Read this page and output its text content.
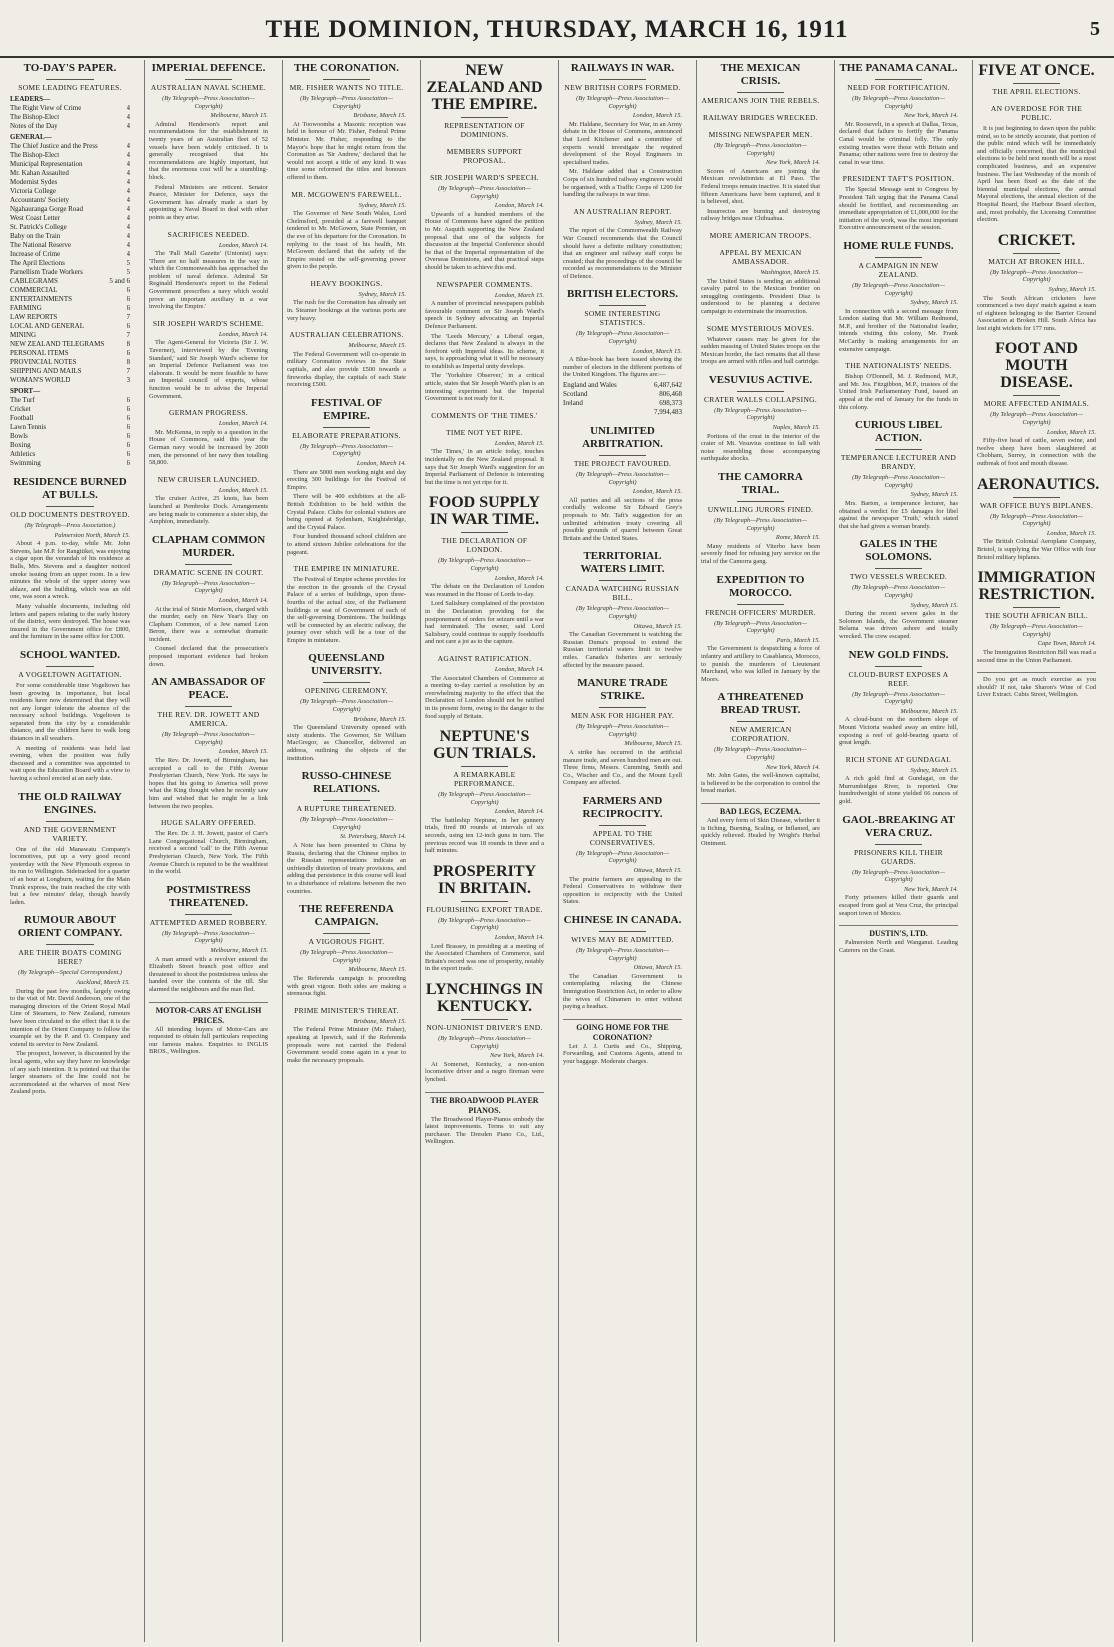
THE DOMINION, THURSDAY, MARCH 16, 1911	5
TO-DAY'S PAPER.
SOME LEADING FEATURES.
LEADERS—
The Right View of Crime	4
The Bishop-Elect	4
Notes of the Day	4
GENERAL—
The Chief Justice and the Press	4
The Bishop-Elect	4
Municipal Representation	4
Mr. Kahan Assaulted	4
Modernist Sydes	4
Victoria College	4
Accountants' Society	4
Ngahauranga Gorge Road	4
West Coast Letter	4
St. Patrick's College	4
Baby on the Train	4
The National Reserve	4
Increase of Crime	4
The April Elections	5
Parnellism Trade Workers	5
CABLEGRAMS	5 and 6
COMMERCIAL	6
ENTERTAINMENTS	6
FARMING	6
LAW REPORTS	7
LOCAL AND GENERAL	6
MINING	7
NEW ZEALAND TELEGRAMS	8
PERSONAL ITEMS	6
PROVINCIAL NOTES	8
SHIPPING AND MAILS	7
WOMAN'S WORLD	3
SPORT—
The Turf	6
Cricket	6
Football	6
Lawn Tennis	6
Bowls	6
Boxing	6
Athletics	6
Swimming	6
RESIDENCE BURNED AT BULLS.
OLD DOCUMENTS DESTROYED.

(By Telegraph—Press Association.)

Palmerston North, March 15.

About 4 p.m. to-day, while Mr. John Stevens, late M.P. for Rangitikei, was enjoying a cigar upon the verandah of his residence at Bulls, Mrs. Stevens and a daughter noticed smoke issuing from an upper room. In a few minutes the whole of the upper storey was ablaze, and the building, which was an old one, was soon a wreck.

Many valuable documents, including old letters and papers relating to the early history of the district, were destroyed. The house was insured in the Government office for £800, and the furniture in the same office for £300.

SCHOOL WANTED.
A VOGELTOWN AGITATION.

For some considerable time Vogeltown has been growing in importance, but local residents have now determined that they will not any longer tolerate the absence of the necessary school buildings. Vogeltown is separated from the city by a considerable distance, and the children have to walk long distances in all weathers.

A meeting of residents was held last evening, when the position was fully discussed and a committee was appointed to wait upon the Education Board with a view to having a school erected at an early date.

THE OLD RAILWAY ENGINES.
AND THE GOVERNMENT VARIETY.

One of the old Manawatu Company's locomotives, put up a very good record yesterday with the New Plymouth express in its run to Wellington. Sidetracked for a quarter of an hour at Longburn, waiting for the Main Trunk express, the train reached the city with but a few minutes' delay, though heavily laden.

RUMOUR ABOUT ORIENT COMPANY.
ARE THEIR BOATS COMING HERE?

(By Telegraph—Special Correspondent.)

Auckland, March 15.

During the past few months, largely owing to the visit of Mr. David Anderson, one of the managing directors of the Orient Royal Mail Line of Steamers, to New Zealand, rumours have been circulated to the effect that it is the intention of the Orient Company to follow the example set by the P. and O. Company and extend its service to New Zealand.

The prospect, however, is discounted by the local agents, who say they have no knowledge of any such intention. It is pointed out that the larger steamers of the line could not be accommodated at the wharves of most New Zealand ports.

IMPERIAL DEFENCE.
AUSTRALIAN NAVAL SCHEME.

(By Telegraph—Press Association—Copyright)

Melbourne, March 15.

Admiral Henderson's report and recommendations for the establishment in twenty years of an Australian fleet of 52 vessels have been widely criticised. It is generally recognised that his recommendations are highly important, but that the enormous cost will be a stumbling-block.

Federal Ministers are reticent. Senator Pearce, Minister for Defence, says the Government has already made a start by appointing a Naval Board to deal with other points as they arise.

SACRIFICES NEEDED.

London, March 14.

The 'Pall Mall Gazette' (Unionist) says: 'There are no half measures in the way in which the Commonwealth has approached the problem of naval defence. Admiral Sir Reginald Henderson's report to the Federal Government prescribes a navy which would prove an important auxiliary in a war involving the Empire.'

SIR JOSEPH WARD'S SCHEME.

London, March 14.

The Agent-General for Victoria (Sir J. W. Taverner), interviewed by the 'Evening Standard,' said Sir Joseph Ward's scheme for an Imperial Defence Parliament was too elaborate. It would be more feasible to have an Imperial council of experts, whose function would be to advise the Imperial Government.

GERMAN PROGRESS.

London, March 14.

Mr. McKenna, in reply to a question in the House of Commons, said this year the German navy would be increased by 2000 men, the personnel of her navy then totalling 58,800.

NEW CRUISER LAUNCHED.

London, March 15.

The cruiser Active, 25 knots, has been launched at Pembroke Dock. Arrangements are being made to commence a sister ship, the Amphion, immediately.

CLAPHAM COMMON MURDER.
DRAMATIC SCENE IN COURT.

(By Telegraph—Press Association—Copyright)

London, March 14.

At the trial of Stinie Morrison, charged with the murder, early on New Year's Day on Clapham Common, of a Jew named Leon Beron, there was a somewhat dramatic incident.

Counsel declared that the prosecution's proposed important evidence had broken down.

AN AMBASSADOR OF PEACE.
THE REV. DR. JOWETT AND AMERICA.

(By Telegraph—Press Association—Copyright)

London, March 15.

The Rev. Dr. Jowett, of Birmingham, has accepted a call to the Fifth Avenue Presbyterian Church, New York. He says he hopes that his going to America will prove what the King thought when he recently saw him and wished that he might be a link between the two peoples.

HUGE SALARY OFFERED.

The Rev. Dr. J. H. Jowett, pastor of Carr's Lane Congregational Church, Birmingham, received a second 'call' to the Fifth Avenue Presbyterian Church, New York. The Fifth Avenue Church is reputed to be the wealthiest in the world.

POSTMISTRESS THREATENED.
ATTEMPTED ARMED ROBBERY.

(By Telegraph—Press Association—Copyright)

Melbourne, March 15.

A man armed with a revolver entered the Elizabeth Street branch post office and threatened to shoot the postmistress unless she handed over the contents of the till. She alarmed the neighbours and the man fled.

MOTOR-CARS AT ENGLISH PRICES.

All intending buyers of Motor-Cars are requested to obtain full particulars respecting our famous makes. Enquiries to INGLIS BROS., Wellington.

THE CORONATION.
MR. FISHER WANTS NO TITLE.

(By Telegraph—Press Association—Copyright)

Brisbane, March 15.

At Toowoomba a Masonic reception was held in honour of Mr. Fisher, Federal Prime Minister. Mr. Fisher, responding to the Mayor's hope that he might return from the Coronation as 'Sir Andrew,' declared that he would not accept a title of any kind. It was time some reformed the titles and honours offered to them.

MR. MCGOWEN'S FAREWELL.

Sydney, March 15.

The Governor of New South Wales, Lord Chelmsford, presided at a farewell banquet tendered to Mr. McGowen, State Premier, on the eve of his departure for the Coronation. In replying to the toast of his health, Mr. McGowen declared that the safety of the Empire rested on the self-governing power given to the people.

HEAVY BOOKINGS.

Sydney, March 15.

The rush for the Coronation has already set in. Steamer bookings at the various ports are very heavy.

AUSTRALIAN CELEBRATIONS.

Melbourne, March 15.

The Federal Government will co-operate in military Coronation reviews in the State capitals, and also provide £500 towards a fireworks display, the capitals of each State receiving £500.

FESTIVAL OF EMPIRE.
ELABORATE PREPARATIONS.

(By Telegraph—Press Association—Copyright)

London, March 14.

There are 5000 men working night and day erecting 300 buildings for the Festival of Empire.

There will be 400 exhibitors at the all-British Exhibition to be held within the Crystal Palace. Clubs for colonial visitors are being opened at Sydenham, Knightsbridge, and the Crystal Palace.

Four hundred thousand school children are to attend sixteen Jubilee celebrations for the pageant.

THE EMPIRE IN MINIATURE.

The Festival of Empire scheme provides for the erection in the grounds of the Crystal Palace of a series of buildings, upon three-fourths of the actual size, of the Parliament buildings or seat of Government of each of the self-governing Dominions. The buildings will be connected by an electric railway, the journey over which will be a tour of the Empire in miniature.

QUEENSLAND UNIVERSITY.
OPENING CEREMONY.

(By Telegraph—Press Association—Copyright)

Brisbane, March 15.

The Queensland University opened with sixty students. The Governor, Sir William MacGregor, as Chancellor, delivered an address, outlining the objects of the institution.

RUSSO-CHINESE RELATIONS.
A RUPTURE THREATENED.

(By Telegraph—Press Association—Copyright)

St. Petersburg, March 14.

A Note has been presented to China by Russia, declaring that the Chinese replies to the Russian representations indicate an unfriendly distortion of treaty provisions, and adding that persistence in this course will lead to a disturbance of relations between the two countries.

THE REFERENDA CAMPAIGN.
A VIGOROUS FIGHT.

(By Telegraph—Press Association—Copyright)

Melbourne, March 15.

The Referenda campaign is proceeding with great vigour. Both sides are making a strenuous fight.

PRIME MINISTER'S THREAT.

Brisbane, March 15.

The Federal Prime Minister (Mr. Fisher), speaking at Ipswich, said if the Referenda proposals were not carried the Federal Government would come again in a year to make the necessary proposals.

NEW ZEALAND AND THE EMPIRE.
REPRESENTATION OF DOMINIONS.
MEMBERS SUPPORT PROPOSAL.
SIR JOSEPH WARD'S SPEECH.

(By Telegraph—Press Association—Copyright)

London, March 14.

Upwards of a hundred members of the House of Commons have signed the petition to Mr. Asquith supporting the New Zealand proposal that one of the subjects for discussion at the Imperial Conference should be that of the Imperial representation of the Overseas Dominions, and that practical steps should be taken to achieve this end.

NEWSPAPER COMMENTS.

London, March 15.

A number of provincial newspapers publish favourable comment on Sir Joseph Ward's speech in Sydney advocating an Imperial Defence Parliament.

The 'Leeds Mercury,' a Liberal organ, declares that New Zealand is always in the forefront with Imperial ideas. Its scheme, it says, is approaching what it will be necessary to establish as Imperial unity develops.

The 'Yorkshire Observer,' in a critical article, states that Sir Joseph Ward's plan is an interesting experiment but the Imperial Government is not ready for it.

COMMENTS OF 'THE TIMES.'
TIME NOT YET RIPE.

London, March 15.

'The Times,' in an article today, touches incidentally on the New Zealand proposal. It says that Sir Joseph Ward's suggestion for an Imperial Parliament of Defence is interesting but the time is not yet ripe for it.

FOOD SUPPLY IN WAR TIME.
THE DECLARATION OF LONDON.

(By Telegraph—Press Association—Copyright)

London, March 14.

The debate on the Declaration of London was resumed in the House of Lords to-day.

Lord Salisbury complained of the provision in the Declaration providing for the postponement of orders for seizure until a war had terminated. The owner, said Lord Salisbury, could continue to supply foodstuffs and not care a jot as to the capture.

AGAINST RATIFICATION.

London, March 14.

The Associated Chambers of Commerce at a meeting to-day carried a resolution by an overwhelming majority to the effect that the Declaration of London should not be ratified in its present form, owing to the danger to the food supply of Britain.

NEPTUNE'S GUN TRIALS.
A REMARKABLE PERFORMANCE.

(By Telegraph—Press Association—Copyright)

London, March 14.

The battleship Neptune, in her gunnery trials, fired 80 rounds at intervals of six seconds, using ten 12-inch guns in turn. The previous record was 18 rounds in three and a half minutes.

PROSPERITY IN BRITAIN.
FLOURISHING EXPORT TRADE.

(By Telegraph—Press Association—Copyright)

London, March 14.

Lord Brassey, in presiding at a meeting of the Associated Chambers of Commerce, said Britain's record was one of prosperity, notably in the export trade.

LYNCHINGS IN KENTUCKY.
NON-UNIONIST DRIVER'S END.

(By Telegraph—Press Association—Copyright)

New York, March 14.

At Somerset, Kentucky, a non-union locomotive driver and a negro fireman were lynched.

THE BROADWOOD PLAYER PIANOS.

The Broadwood Player-Pianos embody the latest improvements. Terms to suit any purchaser. The Dresden Piano Co., Ltd., Wellington.

RAILWAYS IN WAR.
NEW BRITISH CORPS FORMED.

(By Telegraph—Press Association—Copyright)

London, March 15.

Mr. Haldane, Secretary for War, in an Army debate in the House of Commons, announced that Lord Kitchener and a committee of experts would investigate the required development of the Royal Engineers in specialised trades.

Mr. Haldane added that a Construction Corps of six hundred railway engineers would be organised, with a Traffic Corps of 1200 for handling the railways in war time.

AN AUSTRALIAN REPORT.

Sydney, March 15.

The report of the Commonwealth Railway War Council recommends that the Council should have a definite military constitution; that an engineer and railway staff corps be created; that the proceedings of the council be recorded as recommendations to the Minister of Defence.

BRITISH ELECTORS.
SOME INTERESTING STATISTICS.

(By Telegraph—Press Association—Copyright)

London, March 15.

A Blue-book has been issued showing the number of electors in the different portions of the United Kingdom. The figures are:—

England and Wales	6,487,642
Scotland	806,468
Ireland	698,373
7,994,483
UNLIMITED ARBITRATION.
THE PROJECT FAVOURED.

(By Telegraph—Press Association—Copyright)

London, March 15.

All parties and all sections of the press cordially welcome Sir Edward Grey's proposals to Mr. Taft's suggestion for an unlimited arbitration treaty covering all possible grounds of quarrel between Great Britain and the United States.

TERRITORIAL WATERS LIMIT.
CANADA WATCHING RUSSIAN BILL.

(By Telegraph—Press Association—Copyright)

Ottawa, March 15.

The Canadian Government is watching the Russian Duma's proposal to extend the Russian territorial waters limit to twelve miles. Canada's fisheries are seriously affected by the measure passed.

MANURE TRADE STRIKE.
MEN ASK FOR HIGHER PAY.

(By Telegraph—Press Association—Copyright)

Melbourne, March 15.

A strike has occurred in the artificial manure trade, and seven hundred men are out. Three firms, Messrs. Cumming, Smith and Co., Wischer and Co., and the Mount Lyell Company are affected.

FARMERS AND RECIPROCITY.
APPEAL TO THE CONSERVATIVES.

(By Telegraph—Press Association—Copyright)

Ottawa, March 15.

The prairie farmers are appealing to the Federal Conservatives to withdraw their opposition to reciprocity with the United States.

CHINESE IN CANADA.
WIVES MAY BE ADMITTED.

(By Telegraph—Press Association—Copyright)

Ottawa, March 15.

The Canadian Government is contemplating relaxing the Chinese Immigration Restriction Act, in order to allow the wives of Chinamen to enter without paying a headtax.

GOING HOME FOR THE CORONATION?

Let J. J. Curtis and Co., Shipping, Forwarding, and Customs Agents, attend to your baggage. Moderate charges.

THE MEXICAN CRISIS.
AMERICANS JOIN THE REBELS.
RAILWAY BRIDGES WRECKED.
MISSING NEWSPAPER MEN.

(By Telegraph—Press Association—Copyright)

New York, March 14.

Scores of Americans are joining the Mexican revolutionists at El Paso. The Federal troops remain inactive. It is stated that fifteen Americans have been captured, and it is believed, shot.

Insurrectos are burning and destroying railway bridges near Chihuahua.

MORE AMERICAN TROOPS.
APPEAL BY MEXICAN AMBASSADOR.

Washington, March 15.

The United States is sending an additional cavalry patrol to the Mexican frontier on smuggling contingents. President Diaz is understood to be planning a decisive campaign to exterminate the insurrection.

SOME MYSTERIOUS MOVES.

Whatever causes may be given for the sudden massing of United States troops on the Mexican border, the fact remains that all these troops are armed with rifles and ball cartridge.

VESUVIUS ACTIVE.
CRATER WALLS COLLAPSING.

(By Telegraph—Press Association—Copyright)

Naples, March 15.

Portions of the crust in the interior of the crater of Mt. Vesuvius continue to fall with noise resembling those accompanying earthquake shocks.

THE CAMORRA TRIAL.
UNWILLING JURORS FINED.

(By Telegraph—Press Association—Copyright)

Rome, March 15.

Many residents of Viterbo have been severely fined for refusing jury service on the trial of the Camorra gang.

EXPEDITION TO MOROCCO.
FRENCH OFFICERS' MURDER.

(By Telegraph—Press Association—Copyright)

Paris, March 15.

The Government is despatching a force of infantry and artillery to Casablanca, Morocco, to punish the murderers of Lieutenant Marchand, who was killed in January by the Moors.

A THREATENED BREAD TRUST.
NEW AMERICAN CORPORATION.

(By Telegraph—Press Association—Copyright)

New York, March 14.

Mr. John Gates, the well-known capitalist, is believed to be the corporation to control the bread market.

BAD LEGS, ECZEMA.

And every form of Skin Disease, whether it is Itching, Burning, Scaling, or Inflamed, are quickly relieved. Healed by Wright's Herbal Ointment.

THE PANAMA CANAL.
NEED FOR FORTIFICATION.

(By Telegraph—Press Association—Copyright)

New York, March 14.

Mr. Roosevelt, in a speech at Dallas, Texas, declared that failure to fortify the Panama Canal would be criminal folly. The only existing treaties were those with Britain and Panama; other nations were free to destroy the canal in war time.

PRESIDENT TAFT'S POSITION.

The Special Message sent to Congress by President Taft urging that the Panama Canal should be fortified, and recommending an immediate appropriation of £1,000,000 for the initiation of the work, was the most important Executive announcement of the session.

HOME RULE FUNDS.
A CAMPAIGN IN NEW ZEALAND.

(By Telegraph—Press Association—Copyright)

Sydney, March 15.

In connection with a second message from London stating that Mr. William Redmond, M.P., and brother of the Nationalist leader, intends visiting this colony, Mr. Frank McCarthy is making arrangements for an extensive campaign.

THE NATIONALISTS' NEEDS.

Bishop O'Donnell, M. J. Redmond, M.P., and Mr. Jos. Fitzgibbon, M.P., trustees of the United Irish Parliamentary Fund, issued an appeal at the end of January for the funds in this colony.

CURIOUS LIBEL ACTION.
TEMPERANCE LECTURER AND BRANDY.

(By Telegraph—Press Association—Copyright)

Sydney, March 15.

Mrs. Barton, a temperance lecturer, has obtained a verdict for £5 damages for libel against the newspaper 'Truth,' which stated that she had given a woman brandy.

GALES IN THE SOLOMONS.
TWO VESSELS WRECKED.

(By Telegraph—Press Association—Copyright)

Sydney, March 15.

During the recent severe gales in the Solomon Islands, the Government steamer Belama was driven ashore and totally wrecked. The crew escaped.

NEW GOLD FINDS.
CLOUD-BURST EXPOSES A REEF.

(By Telegraph—Press Association—Copyright)

Melbourne, March 15.

A cloud-burst on the northern slope of Mount Victoria washed away an entire hill, exposing a reef of gold-bearing quartz of great length.

RICH STONE AT GUNDAGAI.

Sydney, March 15.

A rich gold find at Gundagai, on the Murrumbidgee River, is reported. One hundredweight of stone yielded 66 ounces of gold.

GAOL-BREAKING AT VERA CRUZ.
PRISONERS KILL THEIR GUARDS.

(By Telegraph—Press Association—Copyright)

New York, March 14.

Forty prisoners killed their guards and escaped from gaol at Vera Cruz, the principal seaport town of Mexico.

DUSTIN'S, LTD.

Palmerston North and Wanganui. Leading Caterers on the Coast.

FIVE AT ONCE.
THE APRIL ELECTIONS.
AN OVERDOSE FOR THE PUBLIC.

It is just beginning to dawn upon the public mind, so to be strictly accurate, that portion of the public mind which will be immediately and officially concerned, that the municipal elections to be held next month will be a most complicated business, and an expensive business. The last Wednesday of the month of April has been fixed as the date of the biennial municipal elections, the annual Mayoral elections, the annual election of the Hospital Board, the Harbour Board election, and, most probably, the Licensing Committee election.

CRICKET.
MATCH AT BROKEN HILL.

(By Telegraph—Press Association—Copyright)

Sydney, March 15.

The South African cricketers have commenced a two days' match against a team of eighteen belonging to the Barrier Ground Association at Broken Hill. South Africa has lost eight wickets for 177 runs.

FOOT AND MOUTH DISEASE.
MORE AFFECTED ANIMALS.

(By Telegraph—Press Association—Copyright)

London, March 15.

Fifty-five head of cattle, seven swine, and twelve sheep have been slaughtered at Chobham, Surrey, in connection with the outbreak of foot and mouth disease.

AERONAUTICS.
WAR OFFICE BUYS BIPLANES.

(By Telegraph—Press Association—Copyright)

London, March 15.

The British Colonial Aeroplane Company, Bristol, is supplying the War Office with four Bristol military biplanes.

IMMIGRATION RESTRICTION.
THE SOUTH AFRICAN BILL.

(By Telegraph—Press Association—Copyright)

Cape Town, March 14.

The Immigration Restriction Bill was read a second time in the Union Parliament.

Do you get as much exercise as you should? If not, take Sharon's Wine of Cod Liver Extract. Cubis Street, Wellington.
